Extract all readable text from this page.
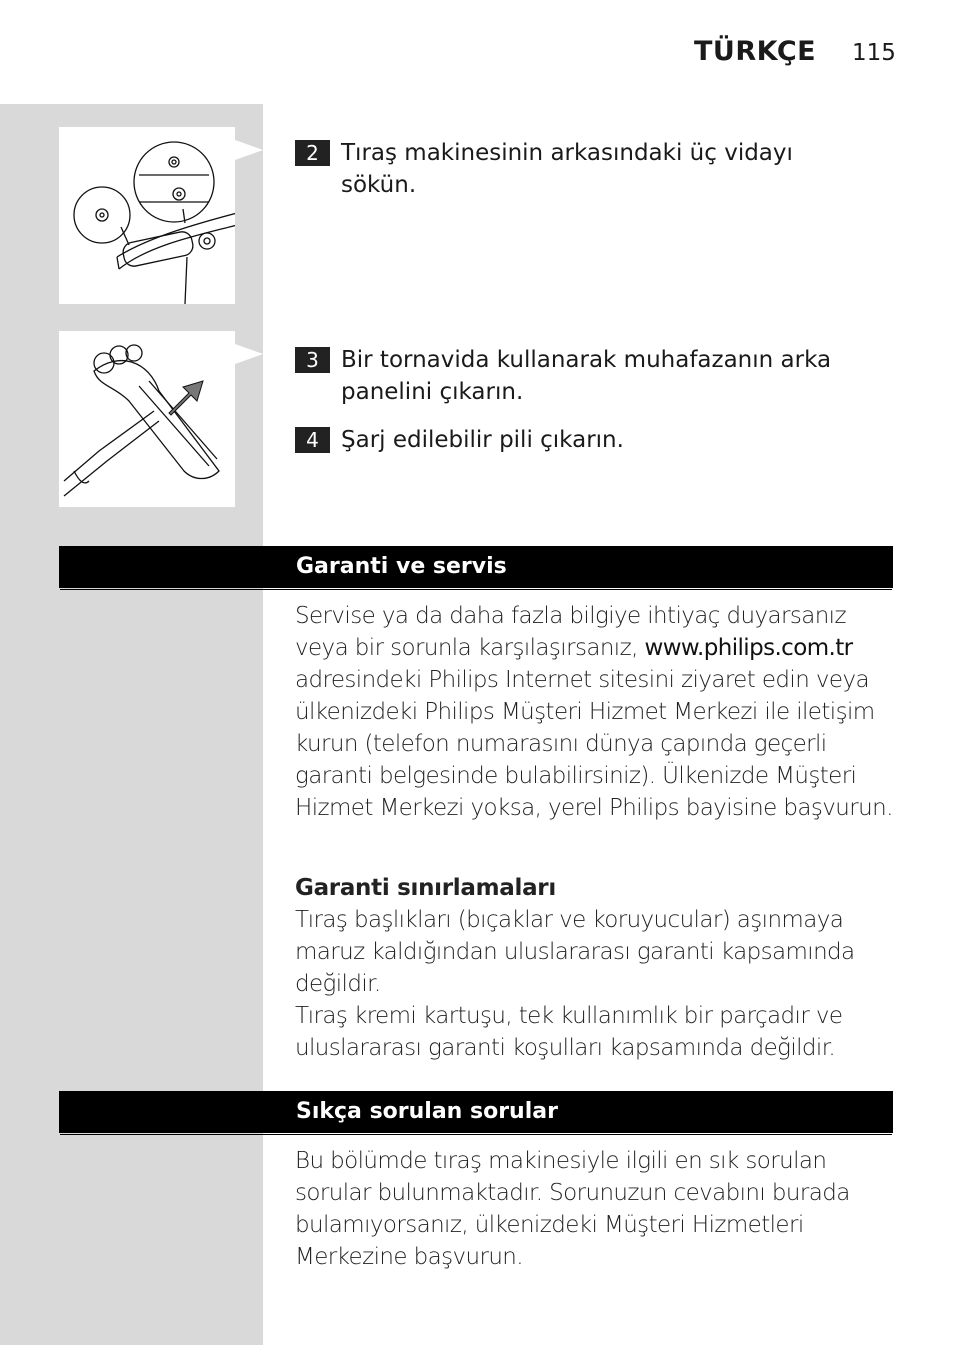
TÜRKÇE 115
2 Tıraş makinesinin arkasındaki üç vidayı sökün.
3 Bir tornavida kullanarak muhafazanın arka panelini çıkarın.
4 Şarj edilebilir pili çıkarın.
Garanti ve servis
Servise ya da daha fazla bilgiye ihtiyaç duyarsanız veya bir sorunla karşılaşırsanız, www.philips.com.tr adresindeki Philips Internet sitesini ziyaret edin veya ülkenizdeki Philips Müşteri Hizmet Merkezi ile iletişim kurun (telefon numarasını dünya çapında geçerli garanti belgesinde bulabilirsiniz). Ülkenizde Müşteri Hizmet Merkezi yoksa, yerel Philips bayisine başvurun.
Garanti sınırlamaları
Tıraş başlıkları (bıçaklar ve koruyucular) aşınmaya maruz kaldığından uluslararası garanti kapsamında değildir.
Tıraş kremi kartuşu, tek kullanımlık bir parçadır ve uluslararası garanti koşulları kapsamında değildir.
Sıkça sorulan sorular
Bu bölümde tıraş makinesiyle ilgili en sık sorulan sorular bulunmaktadır. Sorunuzun cevabını burada bulamıyorsanız, ülkenizdeki Müşteri Hizmetleri Merkezine başvurun.
